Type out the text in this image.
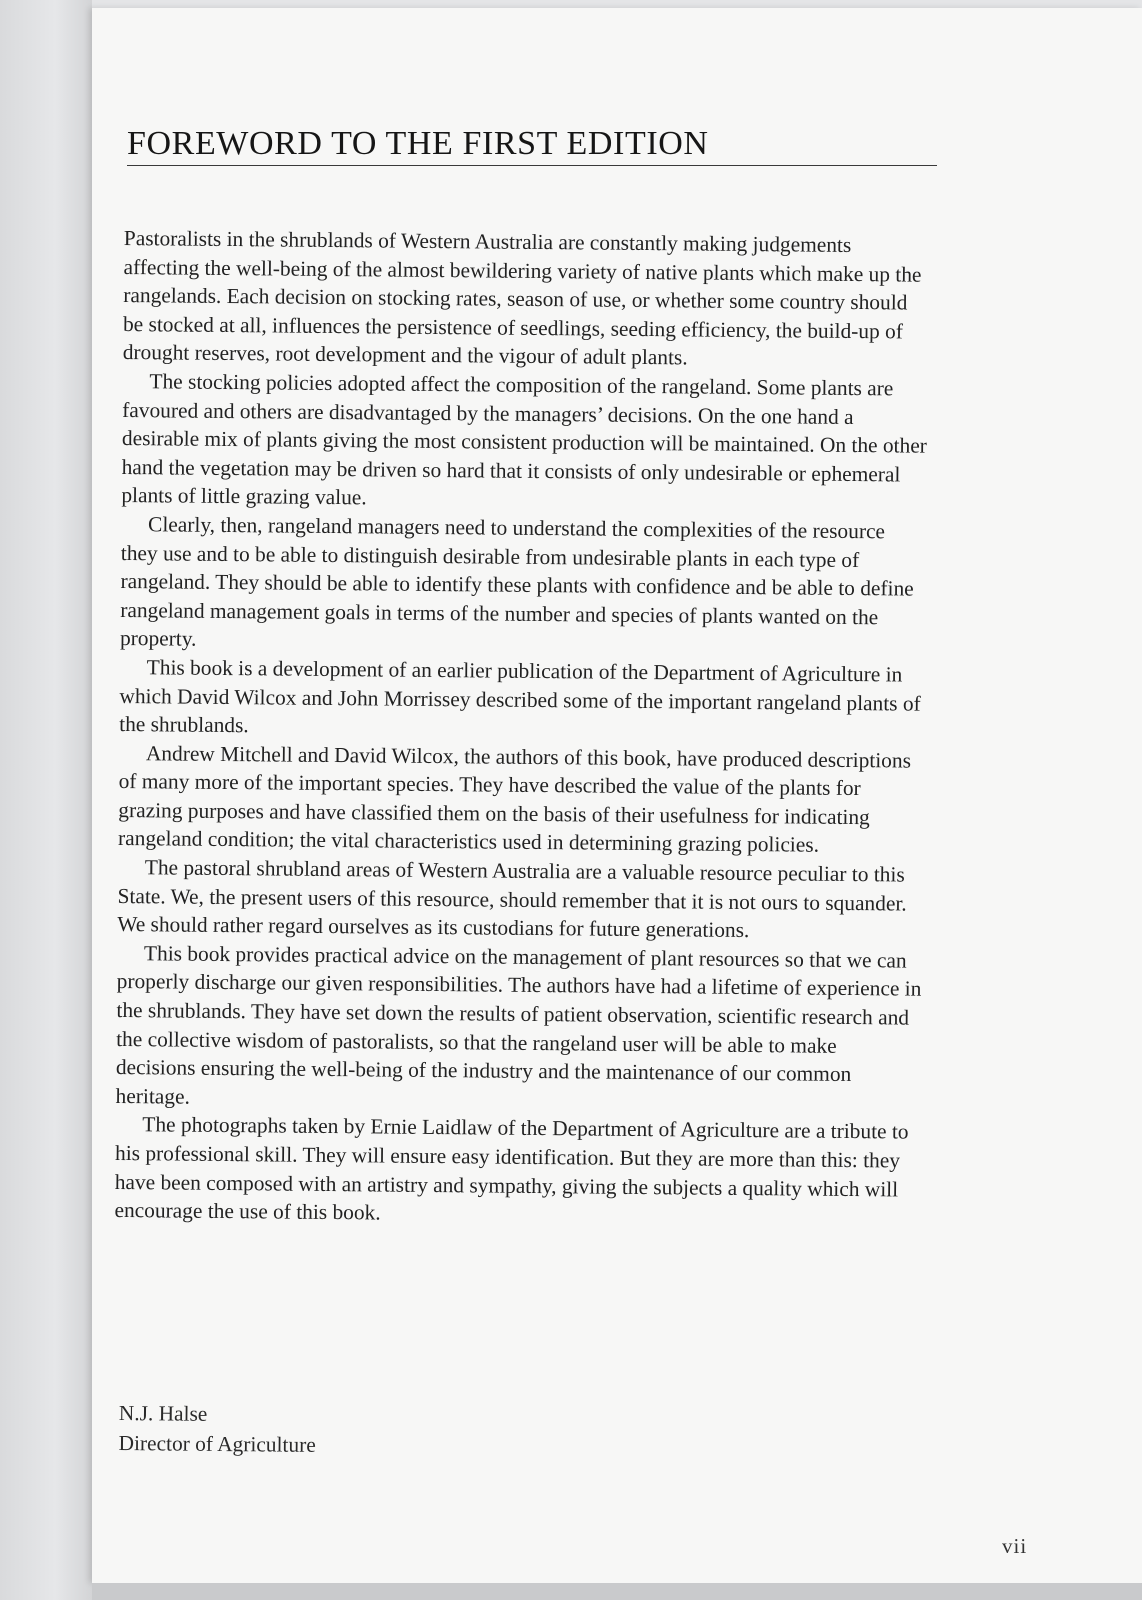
FOREWORD TO THE FIRST EDITION

Pastoralists in the shrublands of Western Australia are constantly making judgements affecting the well-being of the almost bewildering variety of native plants which make up the rangelands. Each decision on stocking rates, season of use, or whether some country should be stocked at all, influences the persistence of seedlings, seeding efficiency, the build-up of drought reserves, root development and the vigour of adult plants.

The stocking policies adopted affect the composition of the rangeland. Some plants are favoured and others are disadvantaged by the managers’ decisions. On the one hand a desirable mix of plants giving the most consistent production will be maintained. On the other hand the vegetation may be driven so hard that it consists of only undesirable or ephemeral plants of little grazing value.

Clearly, then, rangeland managers need to understand the complexities of the resource they use and to be able to distinguish desirable from undesirable plants in each type of rangeland. They should be able to identify these plants with confidence and be able to define rangeland management goals in terms of the number and species of plants wanted on the property.

This book is a development of an earlier publication of the Department of Agriculture in which David Wilcox and John Morrissey described some of the important rangeland plants of the shrublands.

Andrew Mitchell and David Wilcox, the authors of this book, have produced descriptions of many more of the important species. They have described the value of the plants for grazing purposes and have classified them on the basis of their usefulness for indicating rangeland condition; the vital characteristics used in determining grazing policies.

The pastoral shrubland areas of Western Australia are a valuable resource peculiar to this State. We, the present users of this resource, should remember that it is not ours to squander. We should rather regard ourselves as its custodians for future generations.

This book provides practical advice on the management of plant resources so that we can properly discharge our given responsibilities. The authors have had a lifetime of experience in the shrublands. They have set down the results of patient observation, scientific research and the collective wisdom of pastoralists, so that the rangeland user will be able to make decisions ensuring the well-being of the industry and the maintenance of our common heritage.

The photographs taken by Ernie Laidlaw of the Department of Agriculture are a tribute to his professional skill. They will ensure easy identification. But they are more than this: they have been composed with an artistry and sympathy, giving the subjects a quality which will encourage the use of this book.

N.J. Halse
Director of Agriculture
vii
